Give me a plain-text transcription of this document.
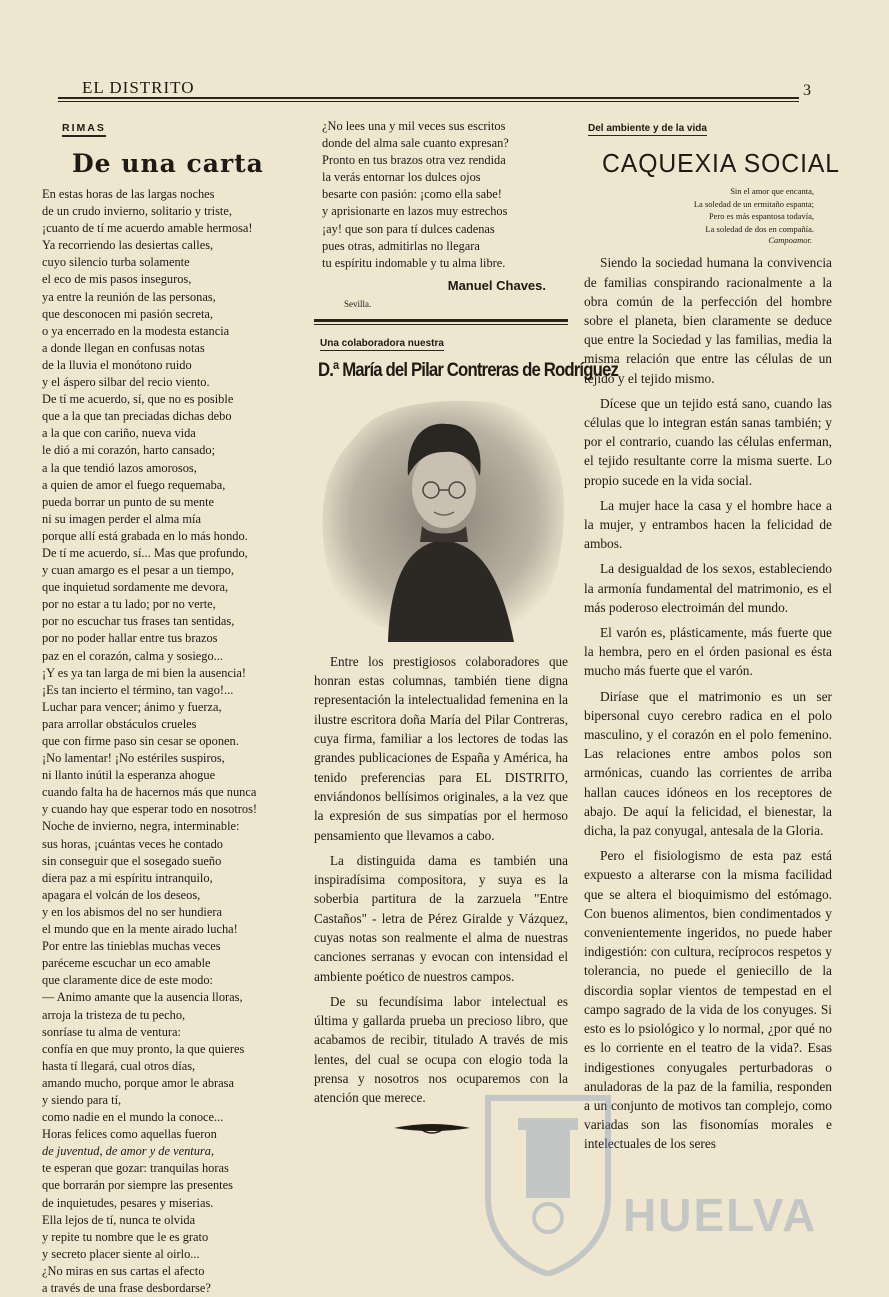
EL DISTRITO	3
RIMAS
De una carta
En estas horas de las largas noches
de un crudo invierno, solitario y triste,
¡cuanto de tí me acuerdo amable hermosa!
Ya recorriendo las desiertas calles,
cuyo silencio turba solamente
el eco de mis pasos inseguros,
ya entre la reunión de las personas,
que desconocen mi pasión secreta,
o ya encerrado en la modesta estancia
a donde llegan en confusas notas
de la lluvia el monótono ruido
y el áspero silbar del recio viento.
De tí me acuerdo, sí, que no es posible
que a la que tan preciadas dichas debo
a la que con cariño, nueva vida
le dió a mi corazón, harto cansado;
a la que tendió lazos amorosos,
a quien de amor el fuego requemaba,
pueda borrar un punto de su mente
ni su imagen perder el alma mía
porque allí está grabada en lo más hondo.
De tí me acuerdo, sí... Mas que profundo,
y cuan amargo es el pesar a un tiempo,
que inquietud sordamente me devora,
por no estar a tu lado; por no verte,
por no escuchar tus frases tan sentidas,
por no poder hallar entre tus brazos
paz en el corazón, calma y sosiego...
¡Y es ya tan larga de mi bien la ausencia!
¡Es tan incierto el término, tan vago!...
Luchar para vencer; ánimo y fuerza,
para arrollar obstáculos crueles
que con firme paso sin cesar se oponen.
¡No lamentar! ¡No estériles suspiros,
ni llanto inútil la esperanza ahogue
cuando falta ha de hacernos más que nunca
y cuando hay que esperar todo en nosotros!
Noche de invierno, negra, interminable:
sus horas, ¡cuántas veces he contado
sin conseguir que el sosegado sueño
diera paz a mi espíritu intranquilo,
apagara el volcán de los deseos,
y en los abismos del no ser hundiera
el mundo que en la mente airado lucha!
Por entre las tinieblas muchas veces
paréceme escuchar un eco amable
que claramente dice de este modo:
— Animo amante que la ausencia lloras,
arroja la tristeza de tu pecho,
sonríase tu alma de ventura:
confía en que muy pronto, la que quieres
hasta tí llegará, cual otros días,
amando mucho, porque amor le abrasa
y siendo para tí,
como nadie en el mundo la conoce...
Horas felices como aquellas fueron
de juventud, de amor y de ventura,
te esperan que gozar: tranquilas horas
que borrarán por siempre las presentes
de inquietudes, pesares y miserias.
Ella lejos de tí, nunca te olvida
y repite tu nombre que le es grato
y secreto placer siente al oirlo...
¿No miras en sus cartas el afecto
a través de una frase desbordarse?
¿No lees una y mil veces sus escritos
donde del alma sale cuanto expresan?
Pronto en tus brazos otra vez rendida
la verás entornar los dulces ojos
besarte con pasión: ¡como ella sabe!
y aprisionarte en lazos muy estrechos
¡ay! que son para tí dulces cadenas
pues otras, admitirlas no llegara
tu espíritu indomable y tu alma libre.
Manuel Chaves.
Sevilla.
Una colaboradora nuestra
D.ª María del Pilar Contreras de Rodríguez

Entre los prestigiosos colaboradores que honran estas columnas, también tiene digna representación la intelectualidad femenina en la ilustre escritora doña María del Pilar Contreras, cuya firma, familiar a los lectores de todas las grandes publicaciones de España y América, ha tenido preferencias para EL DISTRITO, enviándonos bellísimos originales, a la vez que la expresión de sus simpatías por el hermoso pensamiento que llevamos a cabo.

La distinguida dama es también una inspiradísima compositora, y suya es la soberbia partitura de la zarzuela "Entre Castaños" - letra de Pérez Giralde y Vázquez, cuyas notas son realmente el alma de nuestras canciones serranas y evocan con intensidad el ambiente poético de nuestros campos.

De su fecundísima labor intelectual es última y gallarda prueba un precioso libro, que acabamos de recibir, titulado A través de mis lentes, del cual se ocupa con elogio toda la prensa y nosotros nos ocuparemos con la atención que merece.

Del ambiente y de la vida
CAQUEXIA SOCIAL
Sin el amor que encanta,
La soledad de un ermitaño espanta;
Pero es más espantosa todavía,
La soledad de dos en compañía.
Campoamor.

Siendo la sociedad humana la convivencia de familias conspirando racionalmente a la obra común de la perfección del hombre sobre el planeta, bien claramente se deduce que entre la Sociedad y las familias, media la misma relación que entre las células de un tejido y el tejido mismo.

Dícese que un tejido está sano, cuando las células que lo integran están sanas también; y por el contrario, cuando las células enferman, el tejido resultante corre la misma suerte. Lo propio sucede en la vida social.

La mujer hace la casa y el hombre hace a la mujer, y entrambos hacen la felicidad de ambos.

La desigualdad de los sexos, estableciendo la armonía fundamental del matrimonio, es el más poderoso electroimán del mundo.

El varón es, plásticamente, más fuerte que la hembra, pero en el órden pasional es ésta mucho más fuerte que el varón.

Diríase que el matrimonio es un ser bipersonal cuyo cerebro radica en el polo masculino, y el corazón en el polo femenino. Las relaciones entre ambos polos son armónicas, cuando las corrientes de arriba hallan cauces idóneos en los receptores de abajo. De aquí la felicidad, el bienestar, la dicha, la paz conyugal, antesala de la Gloria.

Pero el fisiologismo de esta paz está expuesto a alterarse con la misma facilidad que se altera el bioquimismo del estómago. Con buenos alimentos, bien condimentados y convenientemente ingeridos, no puede haber indigestión: con cultura, recíprocos respetos y tolerancia, no puede el geniecillo de la discordia soplar vientos de tempestad en el campo sagrado de la vida de los conyuges. Si esto es lo psiológico y lo normal, ¿por qué no es lo corriente en el teatro de la vida?. Esas indigestiones conyugales perturbadoras o anuladoras de la paz de la familia, responden a un conjunto de motivos tan complejo, como variadas son las fisonomías morales e intelectuales de los seres

HUELVA
